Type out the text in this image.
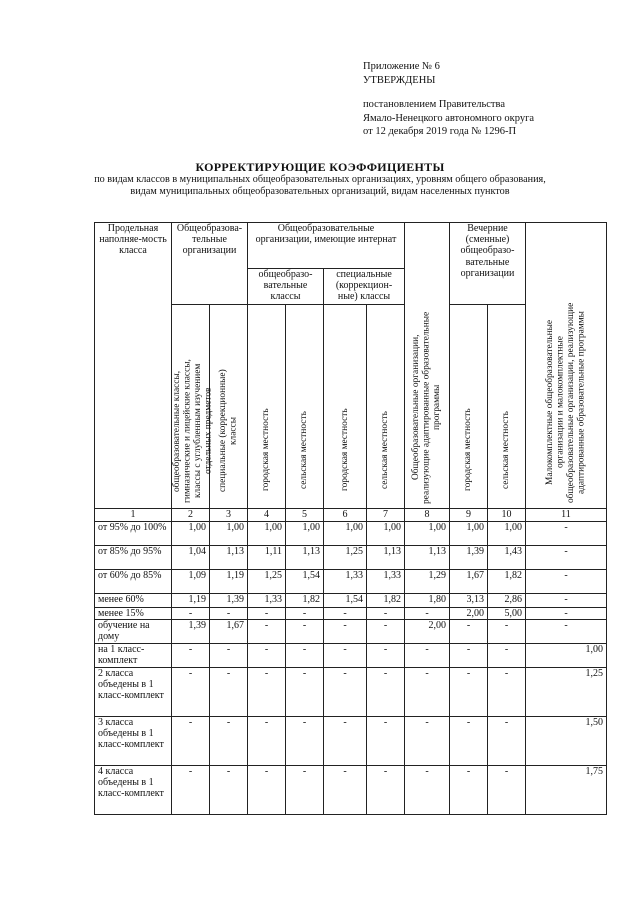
Приложение № 6
УТВЕРЖДЕНЫ
постановлением Правительства
Ямало-Ненецкого автономного округа
от 12 декабря 2019 года № 1296-П
КОРРЕКТИРУЮЩИЕ КОЭФФИЦИЕНТЫ
по видам классов в муниципальных общеобразовательных организациях, уровням общего образования, видам муниципальных общеобразовательных организаций, видам населенных пунктов
Продельная наполняе-мость класса	Общеобразова-тельные организации		Общеобразовательные организации, имеющие интернат				Общеобразовательные организации, реализующие адаптированные образовательные программы	Вечерние (сменные) общеобразо-вательные организации		Малокомплектные общеобразовательные организации и малокомплектные общеобразовательные организации, реализующие адаптированные образовательные программы
			общеобразо-вательные классы		специальные (коррекцион-ные) классы					
	общеобразовательные классы, гимназические и лицейские классы, классы с углубленным изучением отдельных предметов	специальные (коррекционные) классы	городская местность	сельская местность	городская местность	сельская местность		городская местность	сельская местность	
1	2	3	4	5	6	7	8	9	10	11
от 95% до 100%	1,00	1,00	1,00	1,00	1,00	1,00	1,00	1,00	1,00	-
от 85% до 95%	1,04	1,13	1,11	1,13	1,25	1,13	1,13	1,39	1,43	-
от 60% до 85%	1,09	1,19	1,25	1,54	1,33	1,33	1,29	1,67	1,82	-
менее 60%	1,19	1,39	1,33	1,82	1,54	1,82	1,80	3,13	2,86	-
менее 15%	-	-	-	-	-	-	-	2,00	5,00	-
обучение на дому	1,39	1,67	-	-	-	-	2,00	-	-	-
на 1 класс-комплект	-	-	-	-	-	-	-	-	-	1,00
2 класса объедены в 1 класс-комплект	-	-	-	-	-	-	-	-	-	1,25
3 класса объедены в 1 класс-комплект	-	-	-	-	-	-	-	-	-	1,50
4 класса объедены в 1 класс-комплект	-	-	-	-	-	-	-	-	-	1,75
